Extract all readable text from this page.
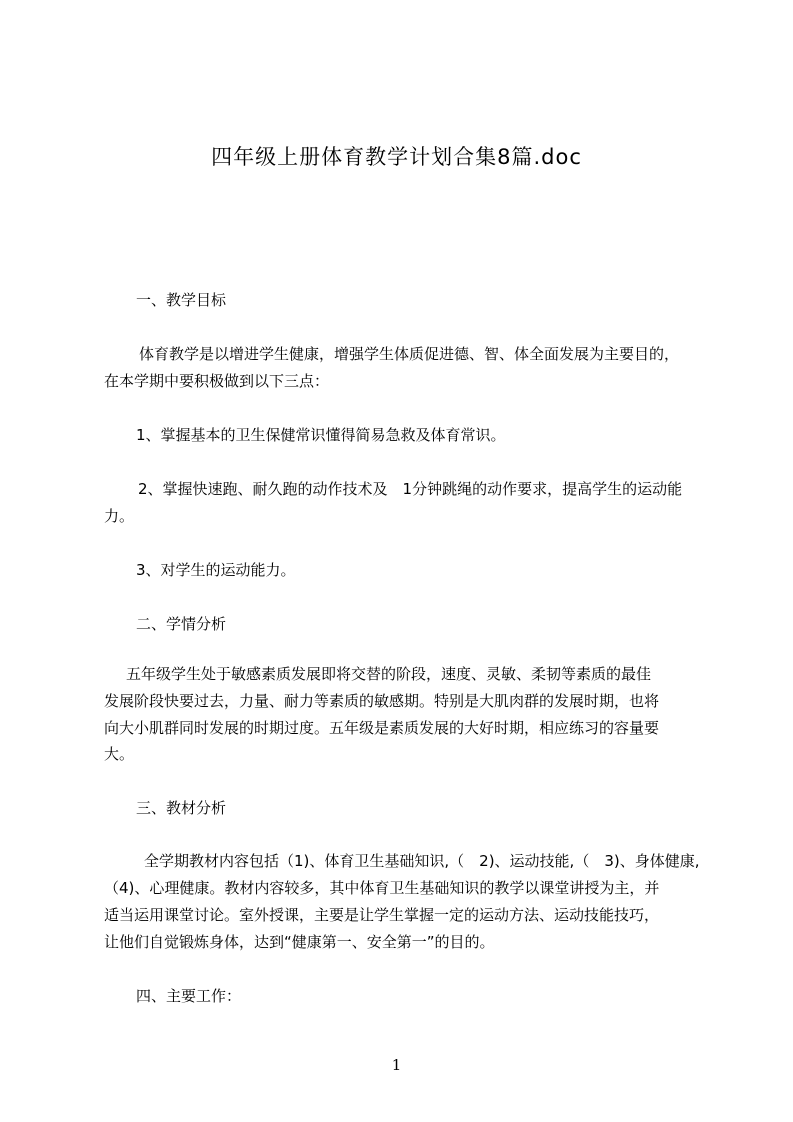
四年级上册体育教学计划合集8篇.doc
一、教学目标
体育教学是以增进学生健康，增强学生体质促进德、智、体全面发展为主要目的，
在本学期中要积极做到以下三点：
1、掌握基本的卫生保健常识懂得简易急救及体育常识。
2、掌握快速跑、耐久跑的动作技术及　1分钟跳绳的动作要求，提高学生的运动能
力。
3、对学生的运动能力。
二、学情分析
五年级学生处于敏感素质发展即将交替的阶段，速度、灵敏、柔韧等素质的最佳
发展阶段快要过去，力量、耐力等素质的敏感期。特别是大肌肉群的发展时期，也将
向大小肌群同时发展的时期过度。五年级是素质发展的大好时期，相应练习的容量要
大。
三、教材分析
全学期教材内容包括（1)、体育卫生基础知识,（　2)、运动技能,（　3)、身体健康,
（4)、心理健康。教材内容较多，其中体育卫生基础知识的教学以课堂讲授为主，并
适当运用课堂讨论。室外授课，主要是让学生掌握一定的运动方法、运动技能技巧，
让他们自觉锻炼身体，达到“健康第一、安全第一”的目的。
四、主要工作：
1
